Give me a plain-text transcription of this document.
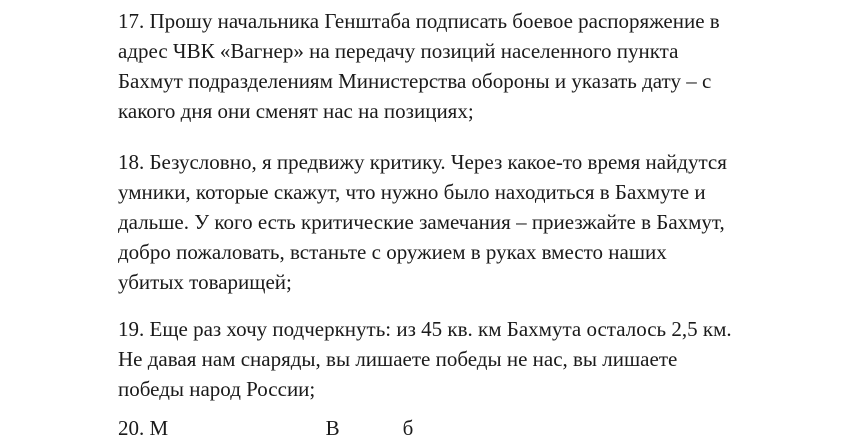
17. Прошу начальника Генштаба подписать боевое распоряжение в
адрес ЧВК «Вагнер» на передачу позиций населенного пункта
Бахмут подразделениям Министерства обороны и указать дату – с
какого дня они сменят нас на позициях;

18. Безусловно, я предвижу критику. Через какое-то время найдутся
умники, которые скажут, что нужно было находиться в Бахмуте и
дальше. У кого есть критические замечания – приезжайте в Бахмут,
добро пожаловать, встаньте с оружием в руках вместо наших
убитых товарищей;

19. Еще раз хочу подчеркнуть: из 45 кв. км Бахмута осталось 2,5 км.
Не давая нам снаряды, вы лишаете победы не нас, вы лишаете
победы народ России;

20. М                              В            б
